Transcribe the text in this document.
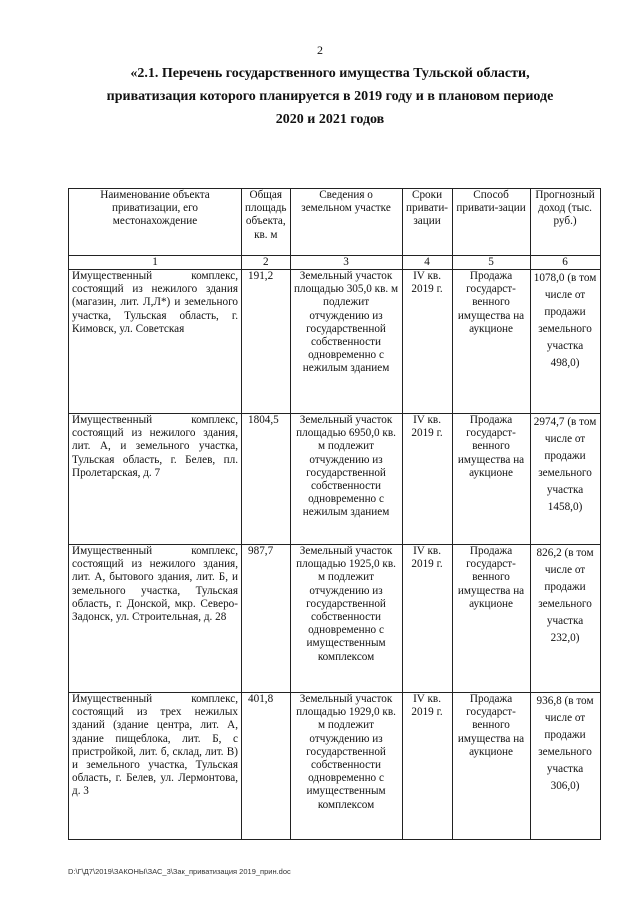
2
«2.1. Перечень государственного имущества Тульской области,
приватизация которого планируется в 2019 году и в плановом периоде
2020 и 2021 годов
Наименование объекта приватизации, его местонахождение	Общая площадь объекта, кв. м	Сведения о земельном участке	Сроки привати-зации	Способ привати-зации	Прогнозный доход (тыс. руб.)
1	2	3	4	5	6
Имущественный комплекс, состоящий из нежилого здания (магазин, лит. Л,Л*) и земельного участка, Тульская область, г. Кимовск, ул. Советская	191,2	Земельный участок площадью 305,0 кв. м подлежит отчуждению из государственной собственности одновременно с нежилым зданием	IV кв. 2019 г.	Продажа государст-венного имущества на аукционе	1078,0 (в том числе от продажи земельного участка 498,0)
Имущественный комплекс, состоящий из нежилого здания, лит. А, и земельного участка, Тульская область, г. Белев, пл. Пролетарская, д. 7	1804,5	Земельный участок площадью 6950,0 кв. м подлежит отчуждению из государственной собственности одновременно с нежилым зданием	IV кв. 2019 г.	Продажа государст-венного имущества на аукционе	2974,7 (в том числе от продажи земельного участка 1458,0)
Имущественный комплекс, состоящий из нежилого здания, лит. А, бытового здания, лит. Б, и земельного участка, Тульская область, г. Донской, мкр. Северо-Задонск, ул. Строительная, д. 28	987,7	Земельный участок площадью 1925,0 кв. м подлежит отчуждению из государственной собственности одновременно с имущественным комплексом	IV кв. 2019 г.	Продажа государст-венного имущества на аукционе	826,2 (в том числе от продажи земельного участка 232,0)
Имущественный комплекс, состоящий из трех нежилых зданий (здание центра, лит. А, здание пищеблока, лит. Б, с пристройкой, лит. б, склад, лит. В) и земельного участка, Тульская область, г. Белев, ул. Лермонтова, д. 3	401,8	Земельный участок площадью 1929,0 кв. м подлежит отчуждению из государственной собственности одновременно с имущественным комплексом	IV кв. 2019 г.	Продажа государст-венного имущества на аукционе	936,8 (в том числе от продажи земельного участка 306,0)
D:\Г\Д7\2019\ЗАКОНЫ\ЗАС_3\Зак_приватизация 2019_прин.doc
